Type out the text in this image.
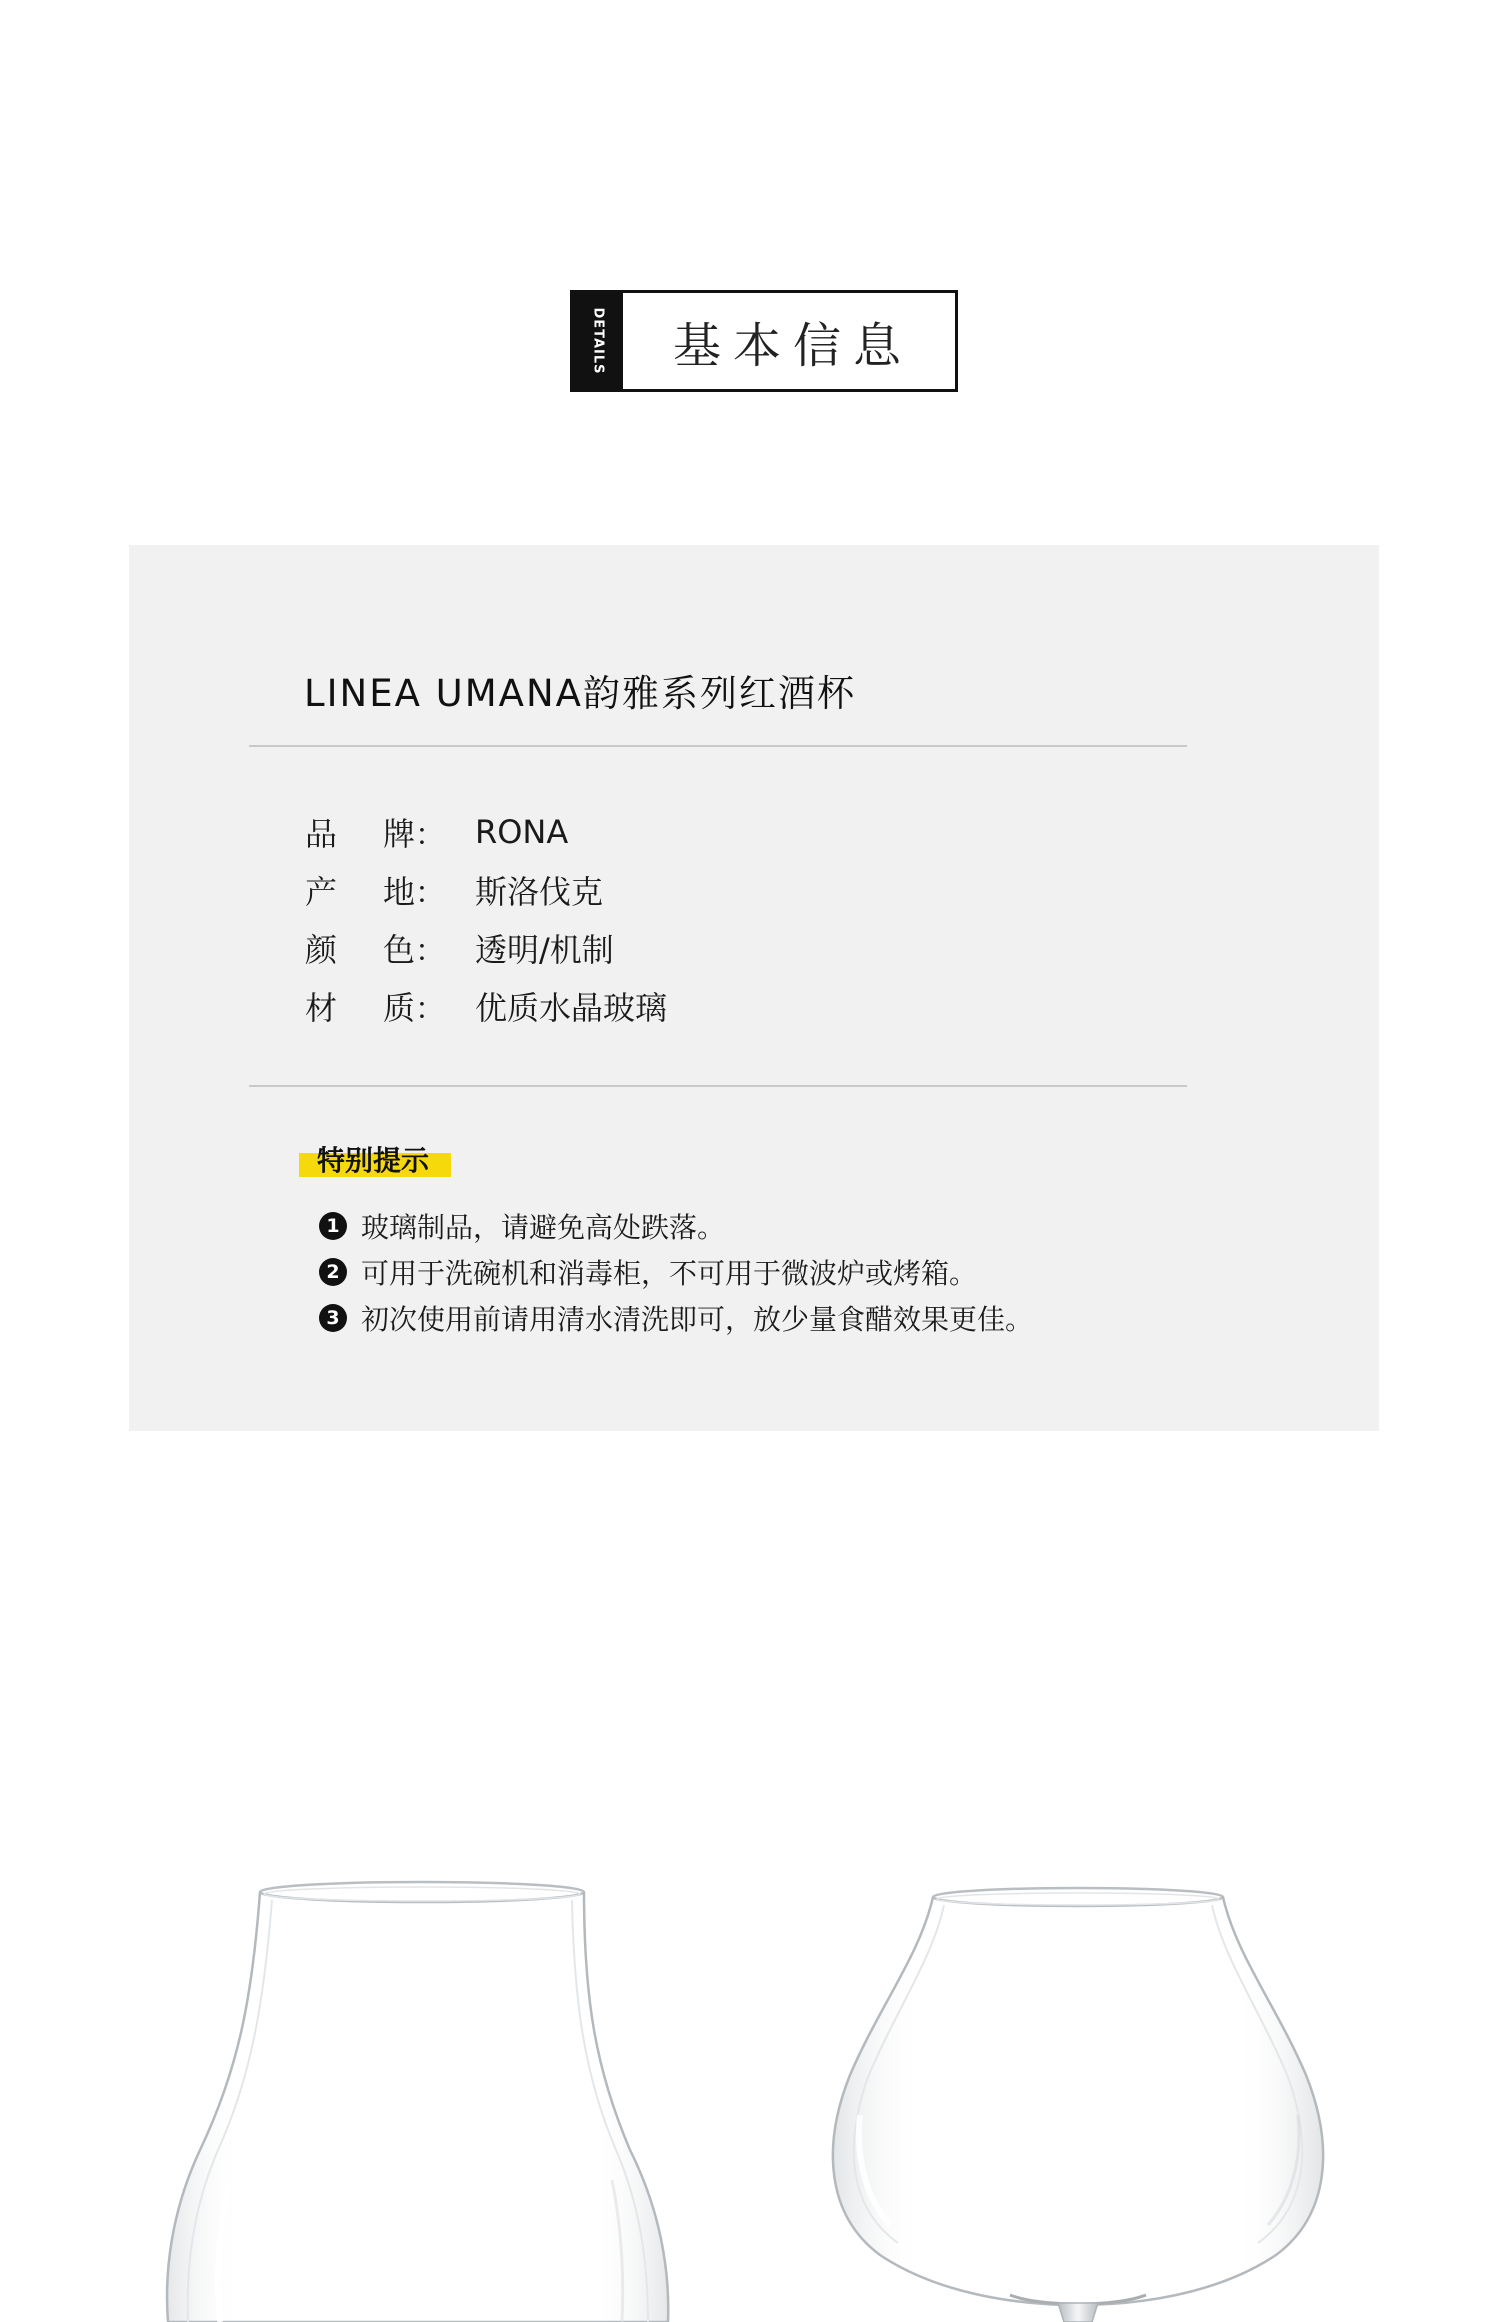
DETAILS	基本信息
LINEA UMANA韵雅系列红酒杯
品 牌 ： RONA
产 地 ： 斯洛伐克
颜 色 ： 透明/机制
材 质 ： 优质水晶玻璃
特别提示
1 玻璃制品，请避免高处跌落。
2 可用于洗碗机和消毒柜，不可用于微波炉或烤箱。
3 初次使用前请用清水清洗即可，放少量食醋效果更佳。
